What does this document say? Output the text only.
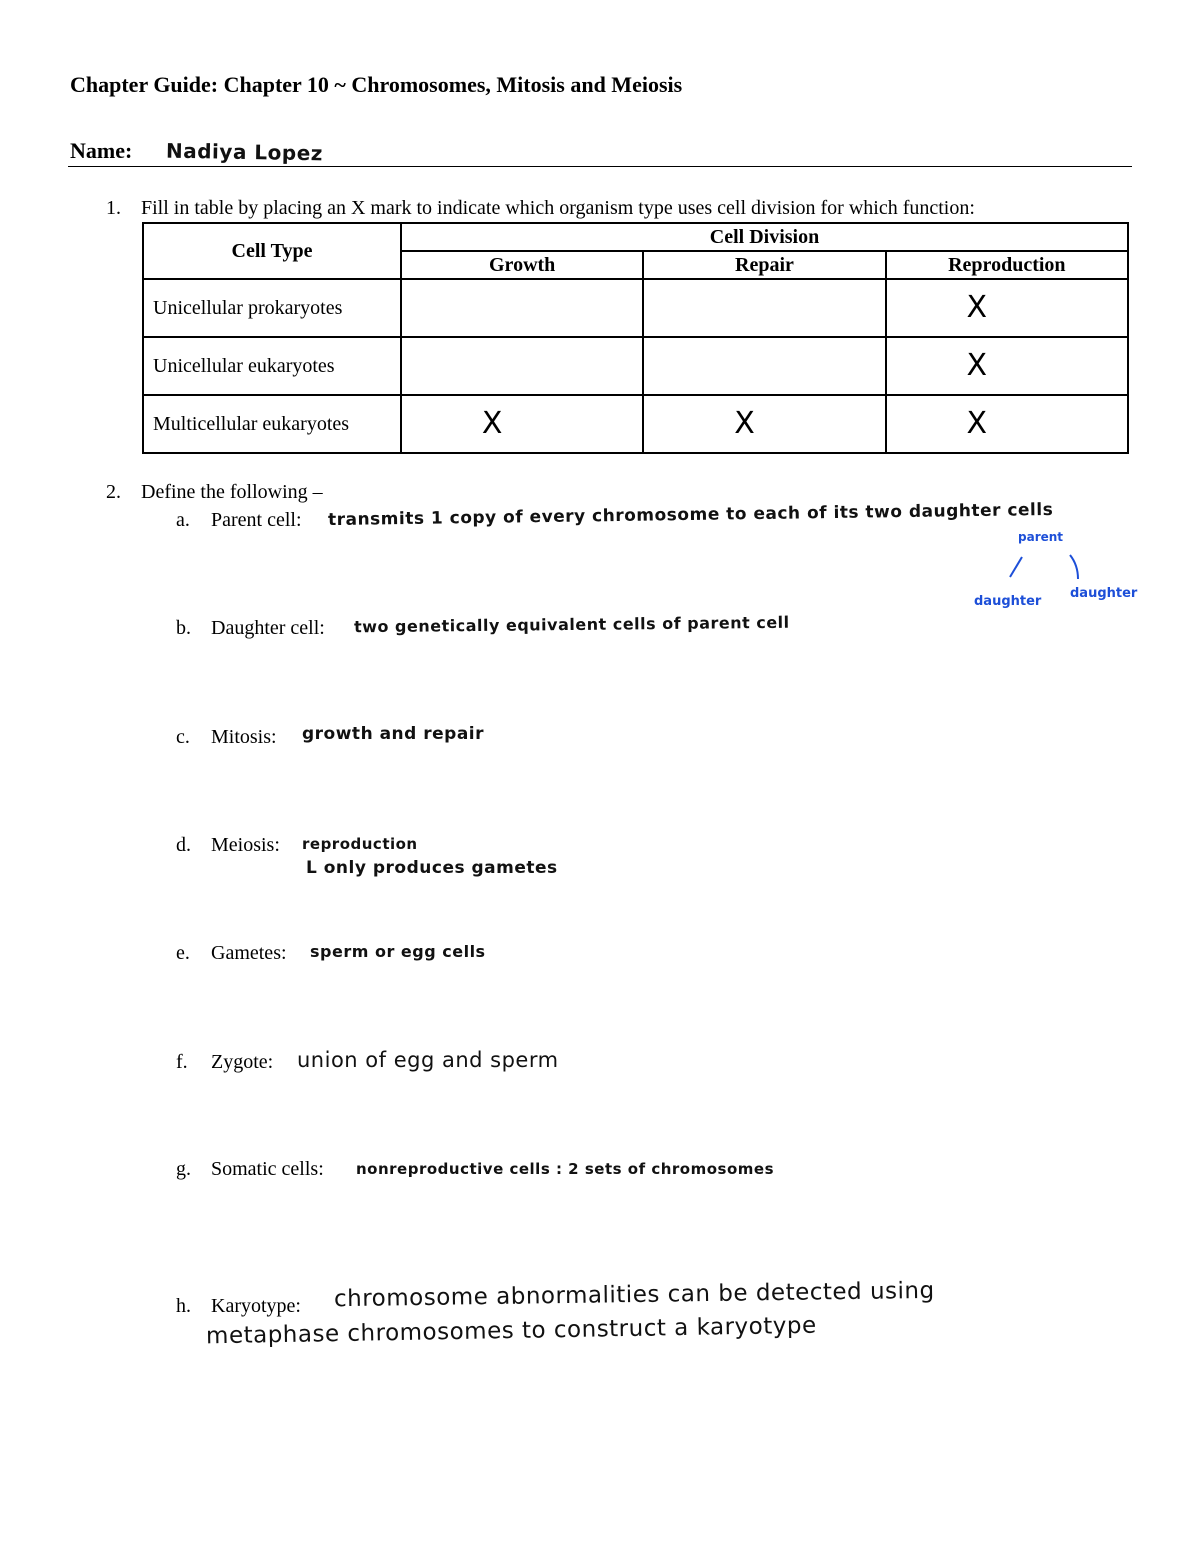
Chapter Guide: Chapter 10 ~ Chromosomes, Mitosis and Meiosis
Name: Nadiya Lopez
1. Fill in table by placing an X mark to indicate which organism type uses cell division for which function:
Cell Type	Cell Division		
	Growth	Repair	Reproduction
Unicellular prokaryotes			X
Unicellular eukaryotes			X
Multicellular eukaryotes	X	X	X
2. Define the following –
a. Parent cell: transmits 1 copy of every chromosome to each of its two daughter cells
parent
daughter
daughter
b. Daughter cell: two genetically equivalent cells of parent cell
c. Mitosis: growth and repair
d. Meiosis: reproduction
L only produces gametes
e. Gametes: sperm or egg cells
f. Zygote: union of egg and sperm
g. Somatic cells: nonreproductive cells : 2 sets of chromosomes
h. Karyotype: chromosome abnormalities can be detected using
metaphase chromosomes to construct a karyotype
